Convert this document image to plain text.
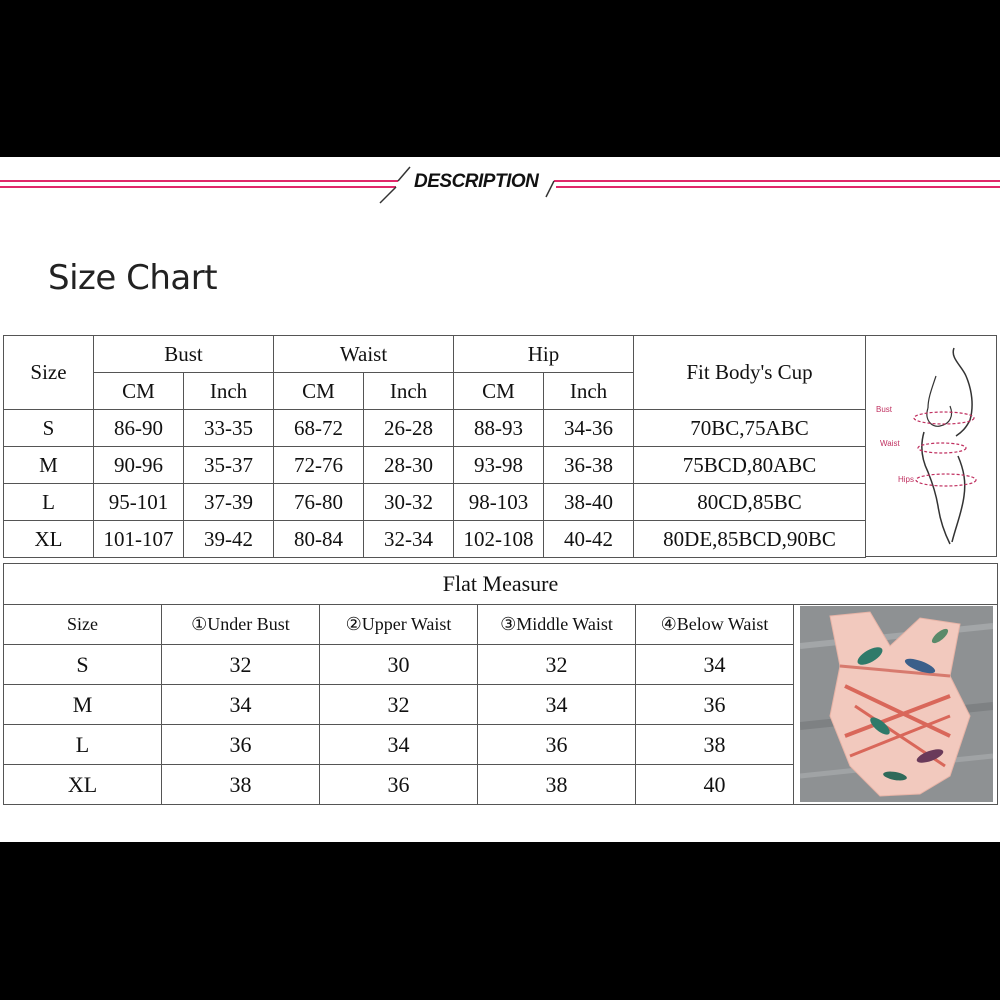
DESCRIPTION
Size Chart
Size	Bust		Waist		Hip		Fit Body's Cup
	CM	Inch	CM	Inch	CM	Inch	
S	86-90	33-35	68-72	26-28	88-93	34-36	70BC,75ABC
M	90-96	35-37	72-76	28-30	93-98	36-38	75BCD,80ABC
L	95-101	37-39	76-80	30-32	98-103	38-40	80CD,85BC
XL	101-107	39-42	80-84	32-34	102-108	40-42	80DE,85BCD,90BC
Bust
Waist
Hips
Flat Measure					
Size	①Under Bust	②Upper Waist	③Middle Waist	④Below Waist	
S	32	30	32	34	
M	34	32	34	36	
L	36	34	36	38	
XL	38	36	38	40	
